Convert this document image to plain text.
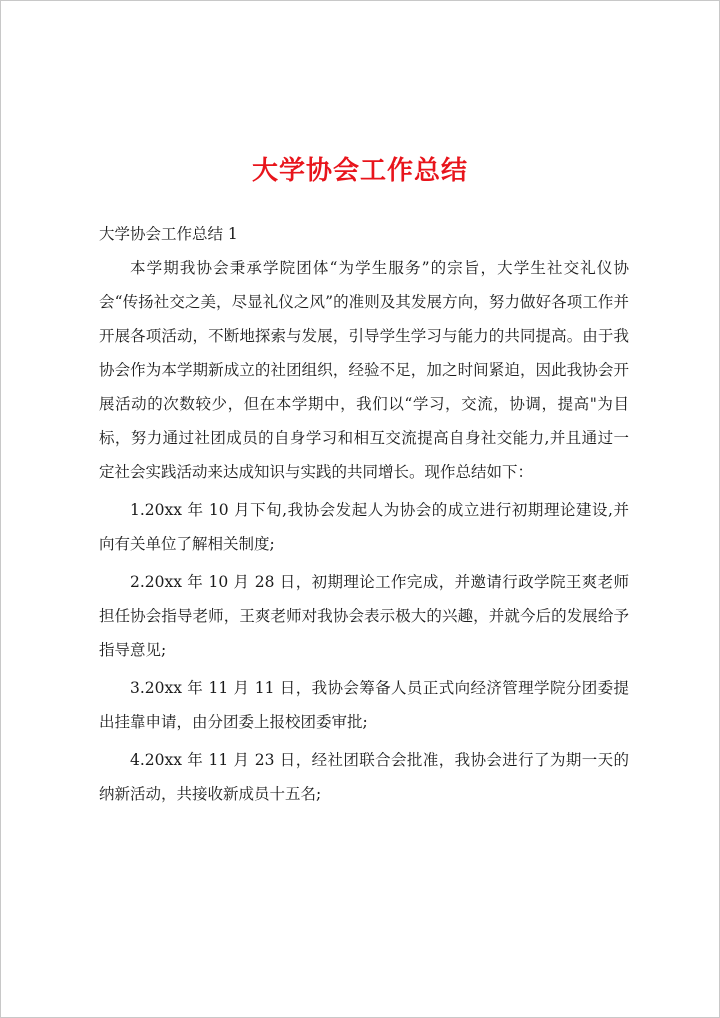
大学协会工作总结

大学协会工作总结 1

本学期我协会秉承学院团体“为学生服务”的宗旨，大学生社交礼仪协会“传扬社交之美，尽显礼仪之风”的准则及其发展方向，努力做好各项工作并开展各项活动，不断地探索与发展，引导学生学习与能力的共同提高。由于我协会作为本学期新成立的社团组织，经验不足，加之时间紧迫，因此我协会开展活动的次数较少，但在本学期中，我们以“学习，交流，协调，提高"为目标，努力通过社团成员的自身学习和相互交流提高自身社交能力,并且通过一定社会实践活动来达成知识与实践的共同增长。现作总结如下：

1.20xx 年 10 月下旬,我协会发起人为协会的成立进行初期理论建设,并向有关单位了解相关制度;

2.20xx 年 10 月 28 日，初期理论工作完成，并邀请行政学院王爽老师担任协会指导老师，王爽老师对我协会表示极大的兴趣，并就今后的发展给予指导意见;

3.20xx 年 11 月 11 日，我协会筹备人员正式向经济管理学院分团委提出挂靠申请，由分团委上报校团委审批;

4.20xx 年 11 月 23 日，经社团联合会批准，我协会进行了为期一天的纳新活动，共接收新成员十五名;
